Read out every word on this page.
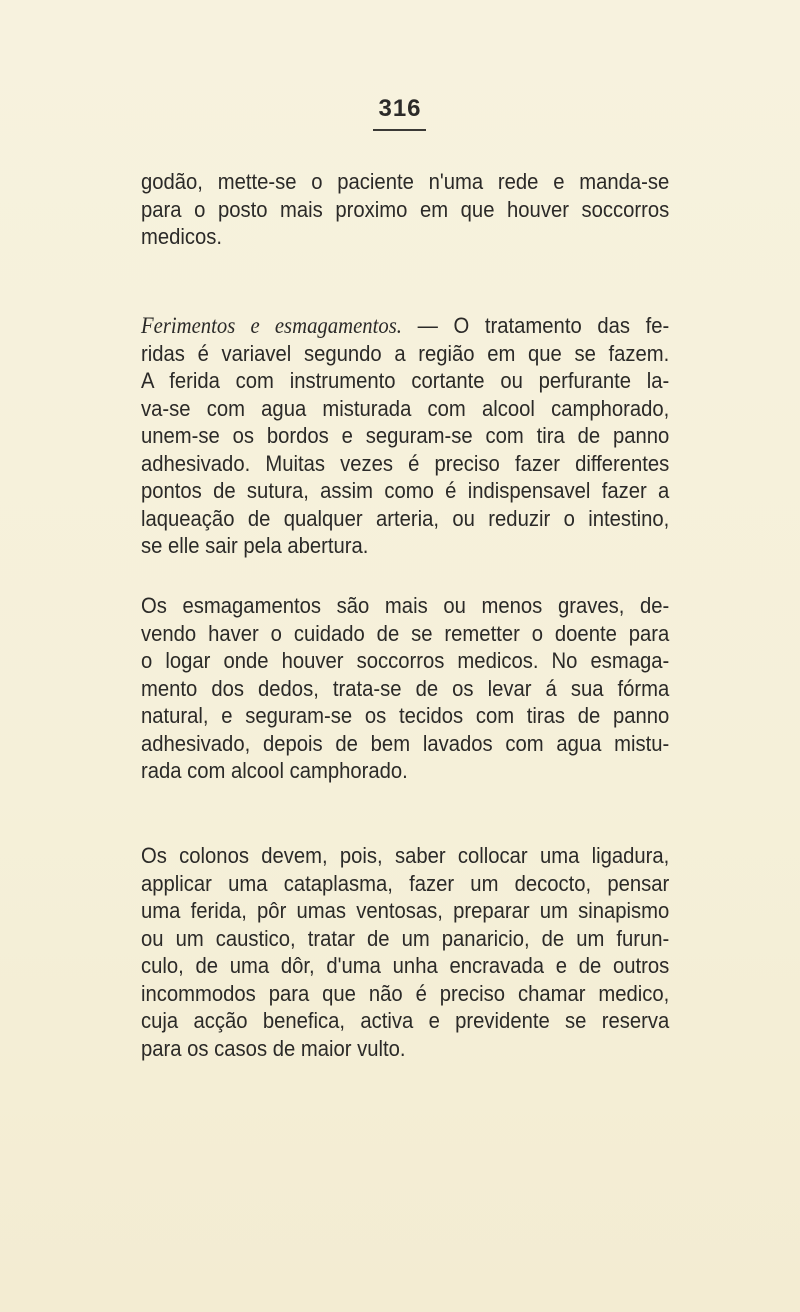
316
godão, mette-se o paciente n'uma rede e manda-se
para o posto mais proximo em que houver soccorros
medicos.
Ferimentos e esmagamentos. — O tratamento das fe-
ridas é variavel segundo a região em que se fazem.
A ferida com instrumento cortante ou perfurante la-
va-se com agua misturada com alcool camphorado,
unem-se os bordos e seguram-se com tira de panno
adhesivado. Muitas vezes é preciso fazer differentes
pontos de sutura, assim como é indispensavel fazer a
laqueação de qualquer arteria, ou reduzir o intestino,
se elle sair pela abertura.
Os esmagamentos são mais ou menos graves, de-
vendo haver o cuidado de se remetter o doente para
o logar onde houver soccorros medicos. No esmaga-
mento dos dedos, trata-se de os levar á sua fórma
natural, e seguram-se os tecidos com tiras de panno
adhesivado, depois de bem lavados com agua mistu-
rada com alcool camphorado.
Os colonos devem, pois, saber collocar uma ligadura,
applicar uma cataplasma, fazer um decocto, pensar
uma ferida, pôr umas ventosas, preparar um sinapismo
ou um caustico, tratar de um panaricio, de um furun-
culo, de uma dôr, d'uma unha encravada e de outros
incommodos para que não é preciso chamar medico,
cuja acção benefica, activa e previdente se reserva
para os casos de maior vulto.
